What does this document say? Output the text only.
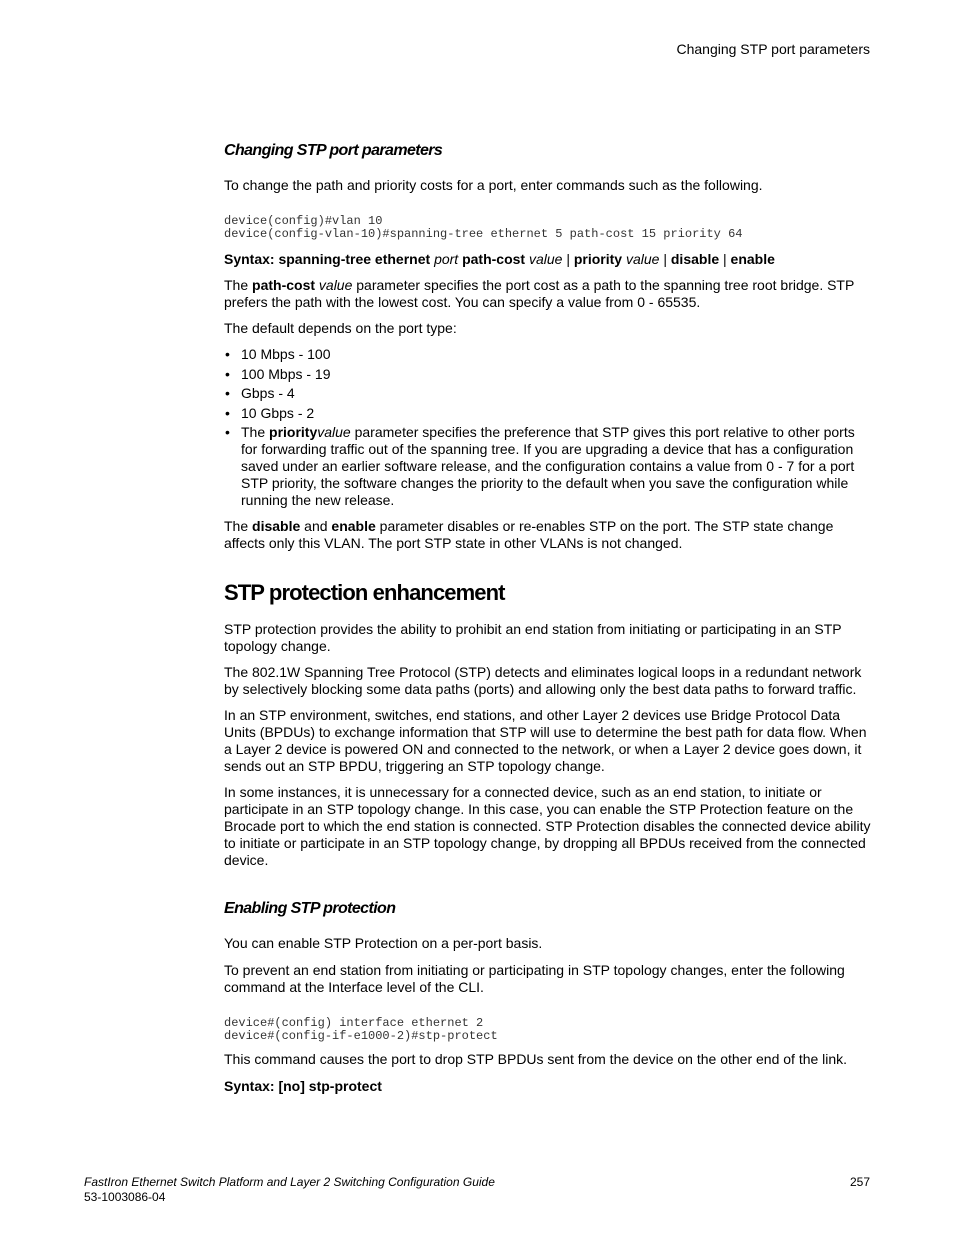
Changing STP port parameters
Changing STP port parameters

To change the path and priority costs for a port, enter commands such as the following.

device(config)#vlan 10
device(config-vlan-10)#spanning-tree ethernet 5 path-cost 15 priority 64

Syntax: spanning-tree ethernet port path-cost value | priority value | disable | enable

The path-cost value parameter specifies the port cost as a path to the spanning tree root bridge. STP prefers the path with the lowest cost. You can specify a value from 0 - 65535.

The default depends on the port type:

• 10 Mbps - 100
• 100 Mbps - 19
• Gbps - 4
• 10 Gbps - 2
• The priorityvalue parameter specifies the preference that STP gives this port relative to other ports for forwarding traffic out of the spanning tree. If you are upgrading a device that has a configuration saved under an earlier software release, and the configuration contains a value from 0 - 7 for a port STP priority, the software changes the priority to the default when you save the configuration while running the new release.

The disable and enable parameter disables or re-enables STP on the port. The STP state change affects only this VLAN. The port STP state in other VLANs is not changed.

STP protection enhancement

STP protection provides the ability to prohibit an end station from initiating or participating in an STP topology change.

The 802.1W Spanning Tree Protocol (STP) detects and eliminates logical loops in a redundant network by selectively blocking some data paths (ports) and allowing only the best data paths to forward traffic.

In an STP environment, switches, end stations, and other Layer 2 devices use Bridge Protocol Data Units (BPDUs) to exchange information that STP will use to determine the best path for data flow. When a Layer 2 device is powered ON and connected to the network, or when a Layer 2 device goes down, it sends out an STP BPDU, triggering an STP topology change.

In some instances, it is unnecessary for a connected device, such as an end station, to initiate or participate in an STP topology change. In this case, you can enable the STP Protection feature on the Brocade port to which the end station is connected. STP Protection disables the connected device ability to initiate or participate in an STP topology change, by dropping all BPDUs received from the connected device.

Enabling STP protection

You can enable STP Protection on a per-port basis.

To prevent an end station from initiating or participating in STP topology changes, enter the following command at the Interface level of the CLI.

device#(config) interface ethernet 2
device#(config-if-e1000-2)#stp-protect

This command causes the port to drop STP BPDUs sent from the device on the other end of the link.

Syntax: [no] stp-protect

FastIron Ethernet Switch Platform and Layer 2 Switching Configuration Guide
53-1003086-04
257
